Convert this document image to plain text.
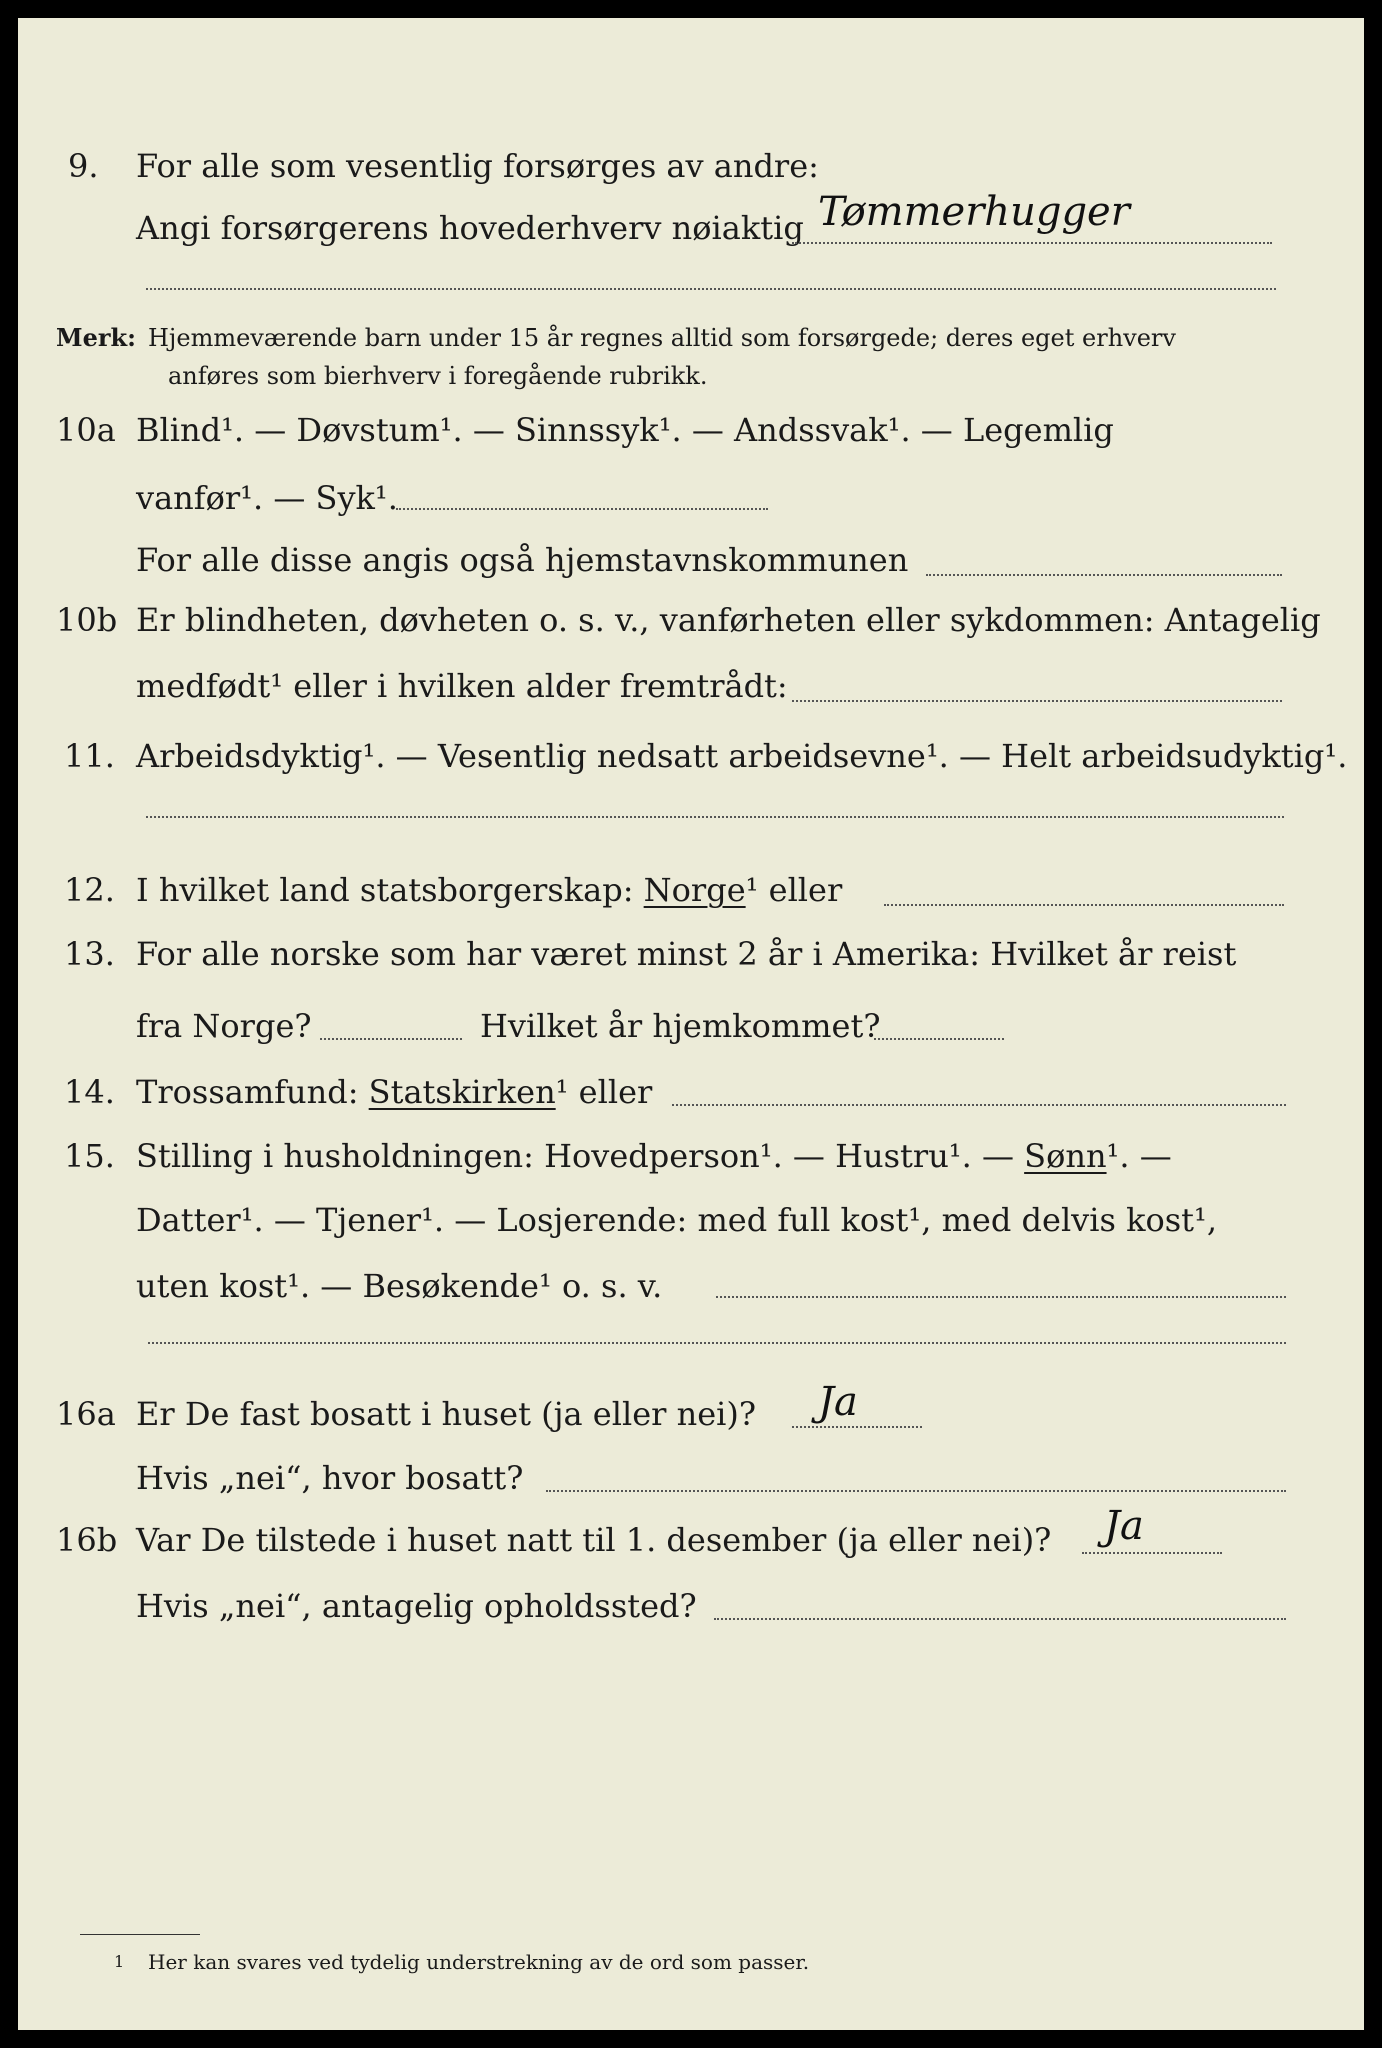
9. For alle som vesentlig forsørges av andre:
Angi forsørgerens hovederhverv nøiaktig Tømmerhugger
Merk: Hjemmeværende barn under 15 år regnes alltid som forsørgede; deres eget erhverv
anføres som bierhverv i foregående rubrikk.
10a Blind¹. — Døvstum¹. — Sinnssyk¹. — Andssvak¹. — Legemlig
vanfør¹. — Syk¹.
For alle disse angis også hjemstavnskommunen
10b Er blindheten, døvheten o. s. v., vanførheten eller sykdommen: Antagelig
medfødt¹ eller i hvilken alder fremtrådt:
11. Arbeidsdyktig¹. — Vesentlig nedsatt arbeidsevne¹. — Helt arbeidsudyktig¹.
12. I hvilket land statsborgerskap: Norge¹ eller
13. For alle norske som har været minst 2 år i Amerika: Hvilket år reist
fra Norge?	Hvilket år hjemkommet?
14. Trossamfund: Statskirken¹ eller
15. Stilling i husholdningen: Hovedperson¹. — Hustru¹. — Sønn¹. —
Datter¹. — Tjener¹. — Losjerende: med full kost¹, med delvis kost¹,
uten kost¹. — Besøkende¹ o. s. v.
16a Er De fast bosatt i huset (ja eller nei)? Ja
Hvis „nei“, hvor bosatt?
16b Var De tilstede i huset natt til 1. desember (ja eller nei)? Ja
Hvis „nei“, antagelig opholdssted?
1 Her kan svares ved tydelig understrekning av de ord som passer.
